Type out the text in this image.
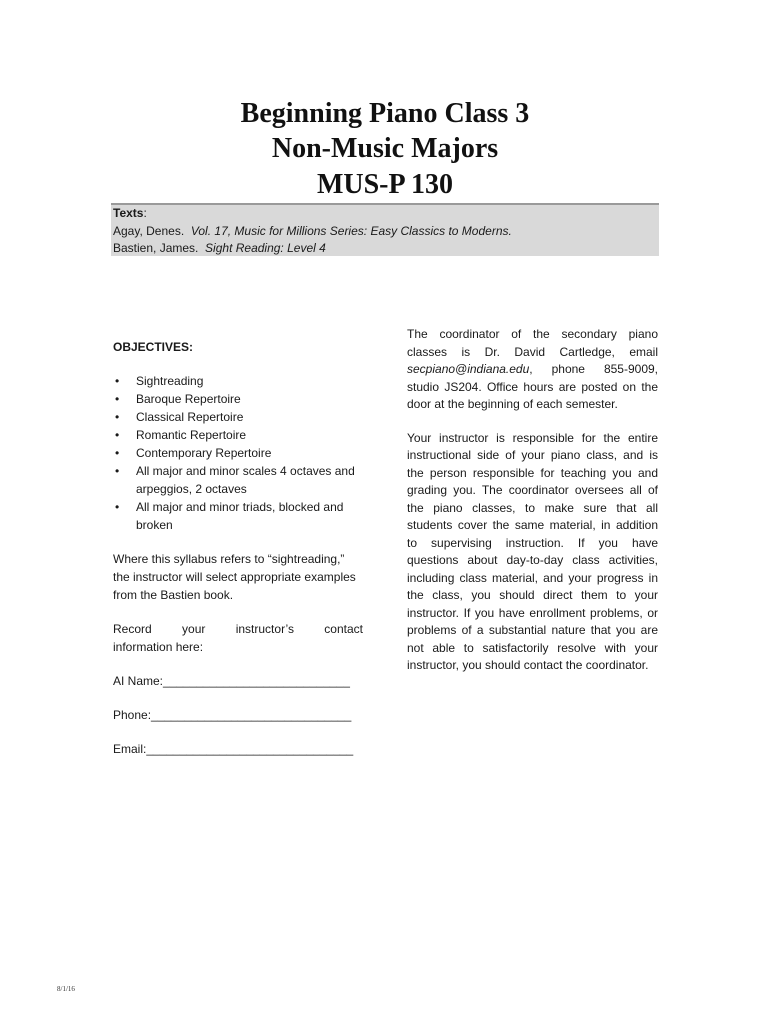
Beginning Piano Class 3
Non-Music Majors
MUS-P 130
Texts:
Agay, Denes. Vol. 17, Music for Millions Series: Easy Classics to Moderns.
Bastien, James. Sight Reading: Level 4
OBJECTIVES:
• Sightreading
• Baroque Repertoire
• Classical Repertoire
• Romantic Repertoire
• Contemporary Repertoire
• All major and minor scales 4 octaves and arpeggios, 2 octaves
• All major and minor triads, blocked and broken
Where this syllabus refers to “sightreading,” the instructor will select appropriate examples from the Bastien book.
Record your instructor’s contact
information here:
AI Name:____________________________
Phone:______________________________
Email:_______________________________

The coordinator of the secondary piano classes is Dr. David Cartledge, email secpiano@indiana.edu, phone 855-9009, studio JS204. Office hours are posted on the door at the beginning of each semester.

Your instructor is responsible for the entire instructional side of your piano class, and is the person responsible for teaching you and grading you. The coordinator oversees all of the piano classes, to make sure that all students cover the same material, in addition to supervising instruction. If you have questions about day-to-day class activities, including class material, and your progress in the class, you should direct them to your instructor. If you have enrollment problems, or problems of a substantial nature that you are not able to satisfactorily resolve with your instructor, you should contact the coordinator.

8/1/16
